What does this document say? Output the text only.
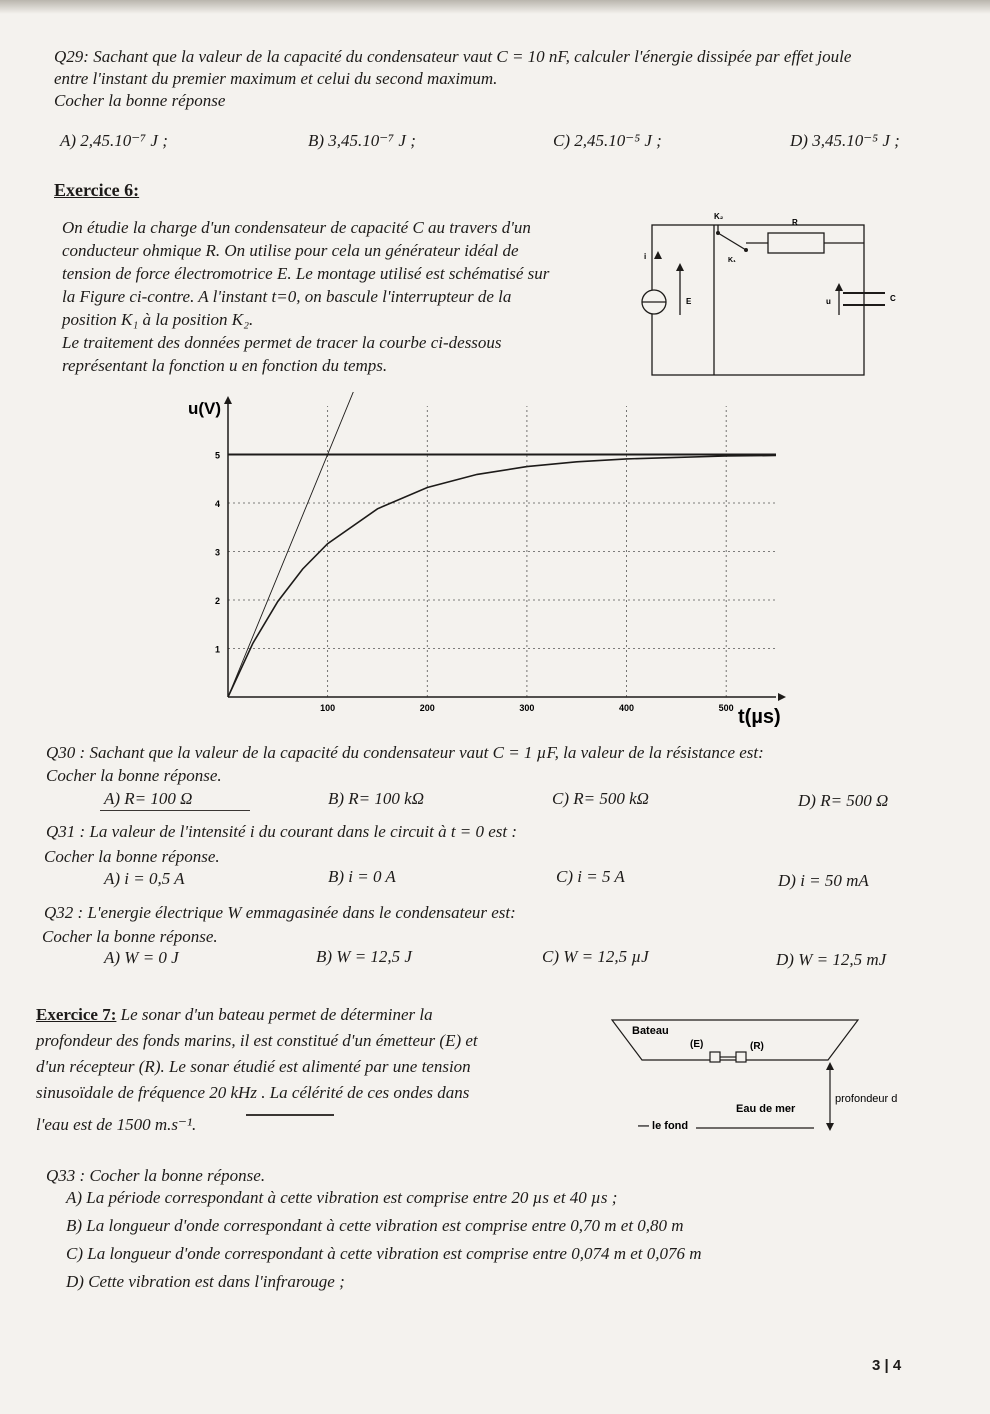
Q29: Sachant que la valeur de la capacité du condensateur vaut C = 10 nF, calculer l'énergie dissipée par effet joule
entre l'instant du premier maximum et celui du second maximum.
Cocher la bonne réponse
A) 2,45.10⁻⁷ J ;	B) 3,45.10⁻⁷ J ;	C) 2,45.10⁻⁵ J ;	D) 3,45.10⁻⁵ J ;
Exercice 6:
On étudie la charge d'un condensateur de capacité C au travers d'un
conducteur ohmique R. On utilise pour cela un générateur idéal de
tension de force électromotrice E. Le montage utilisé est schématisé sur
la Figure ci-contre. A l'instant t=0, on bascule l'interrupteur de la
position K₁ à la position K₂.
Le traitement des données permet de tracer la courbe ci-dessous
représentant la fonction u en fonction du temps.
K₂
K₁
R
i
E	u	C
u(V)
t(µs)
1
2
3
4
5
100	200	300	400	500
Q30 : Sachant que la valeur de la capacité du condensateur vaut C = 1 µF, la valeur de la résistance est:
Cocher la bonne réponse.
A) R= 100 Ω	B) R= 100 kΩ	C) R= 500 kΩ	D) R= 500 Ω
Q31 : La valeur de l'intensité i du courant dans le circuit à t = 0 est :
Cocher la bonne réponse.
A) i = 0,5 A	B) i = 0 A	C) i = 5 A	D) i = 50 mA
Q32 : L'energie électrique W emmagasinée dans le condensateur est:
Cocher la bonne réponse.
A) W = 0 J	B) W = 12,5 J	C) W = 12,5 µJ	D) W = 12,5 mJ
Exercice 7: Le sonar d'un bateau permet de déterminer la
profondeur des fonds marins, il est constitué d'un émetteur (E) et
d'un récepteur (R). Le sonar étudié est alimenté par une tension
sinusoïdale de fréquence 20 kHz . La célérité de ces ondes dans
l'eau est de 1500 m.s⁻¹.
Bateau
(E)	(R)
Eau de mer
profondeur d
— le fond
Q33 : Cocher la bonne réponse.
A) La période correspondant à cette vibration est comprise entre 20 µs et 40 µs ;
B) La longueur d'onde correspondant à cette vibration est comprise entre 0,70 m et 0,80 m
C) La longueur d'onde correspondant à cette vibration est comprise entre 0,074 m et 0,076 m
D) Cette vibration est dans l'infrarouge ;
3 | 4
